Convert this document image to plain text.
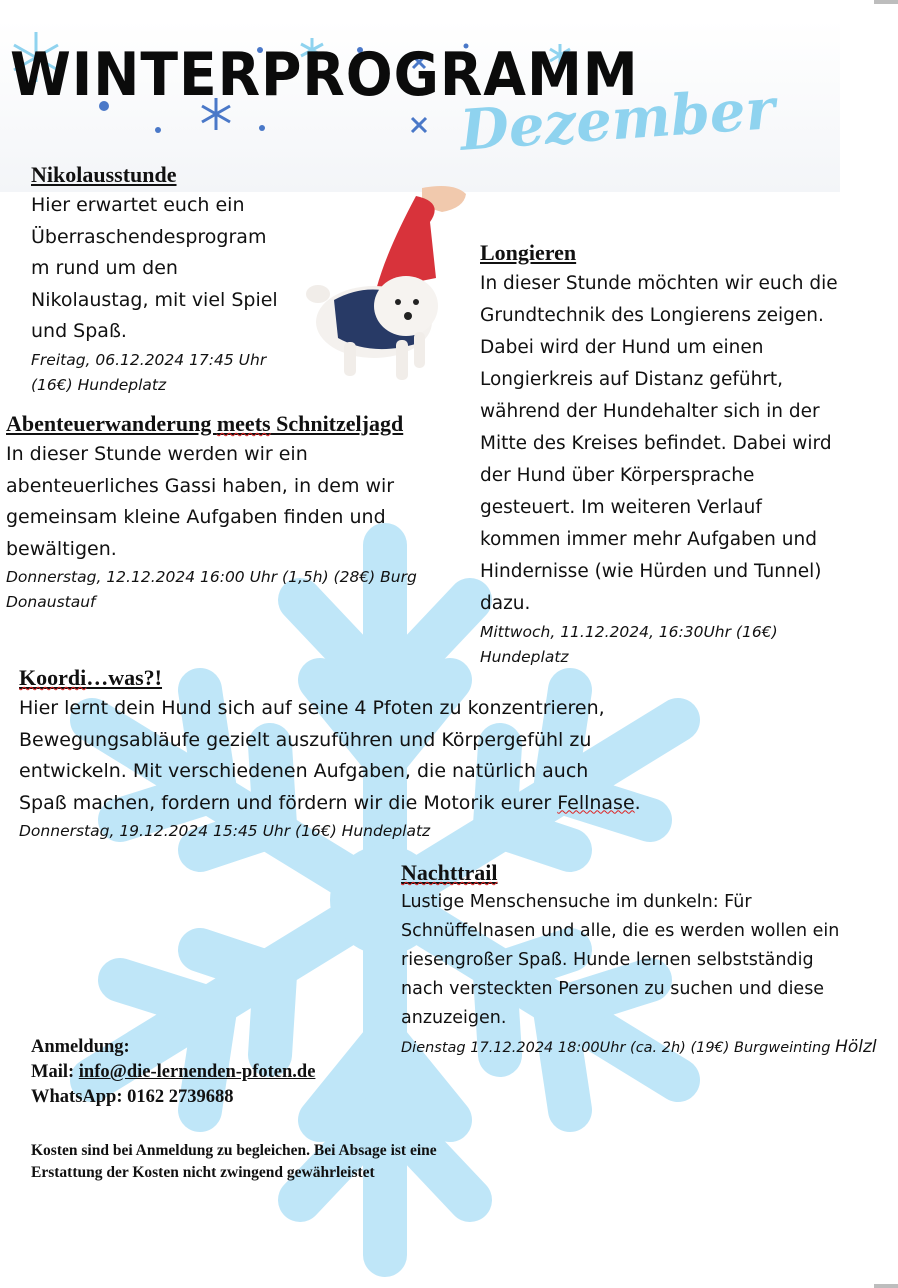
WINTERPROGRAMM
Dezember
Nikolausstunde
Hier erwartet euch ein
Überraschendesprogram
m rund um den
Nikolaustag, mit viel Spiel
und Spaß.
Freitag, 06.12.2024 17:45 Uhr
(16€) Hundeplatz
Abenteuerwanderung meets Schnitzeljagd
In dieser Stunde werden wir ein
abenteuerliches Gassi haben, in dem wir
gemeinsam kleine Aufgaben finden und
bewältigen.
Donnerstag, 12.12.2024 16:00 Uhr (1,5h) (28€) Burg
Donaustauf
Longieren
In dieser Stunde möchten wir euch die
Grundtechnik des Longierens zeigen.
Dabei wird der Hund um einen
Longierkreis auf Distanz geführt,
während der Hundehalter sich in der
Mitte des Kreises befindet. Dabei wird
der Hund über Körpersprache
gesteuert. Im weiteren Verlauf
kommen immer mehr Aufgaben und
Hindernisse (wie Hürden und Tunnel)
dazu.
Mittwoch, 11.12.2024, 16:30Uhr (16€)
Hundeplatz
Koordi…was?!
Hier lernt dein Hund sich auf seine 4 Pfoten zu konzentrieren,
Bewegungsabläufe gezielt auszuführen und Körpergefühl zu
entwickeln. Mit verschiedenen Aufgaben, die natürlich auch
Spaß machen, fordern und fördern wir die Motorik eurer Fellnase.
Donnerstag, 19.12.2024 15:45 Uhr (16€) Hundeplatz
Nachttrail
Lustige Menschensuche im dunkeln: Für
Schnüffelnasen und alle, die es werden wollen ein
riesengroßer Spaß. Hunde lernen selbstständig
nach versteckten Personen zu suchen und diese
anzuzeigen.
Dienstag 17.12.2024 18:00Uhr (ca. 2h) (19€) Burgweinting Hölzl
Anmeldung:
Mail: info@die-lernenden-pfoten.de
WhatsApp: 0162 2739688
Kosten sind bei Anmeldung zu begleichen. Bei Absage ist eine
Erstattung der Kosten nicht zwingend gewährleistet
